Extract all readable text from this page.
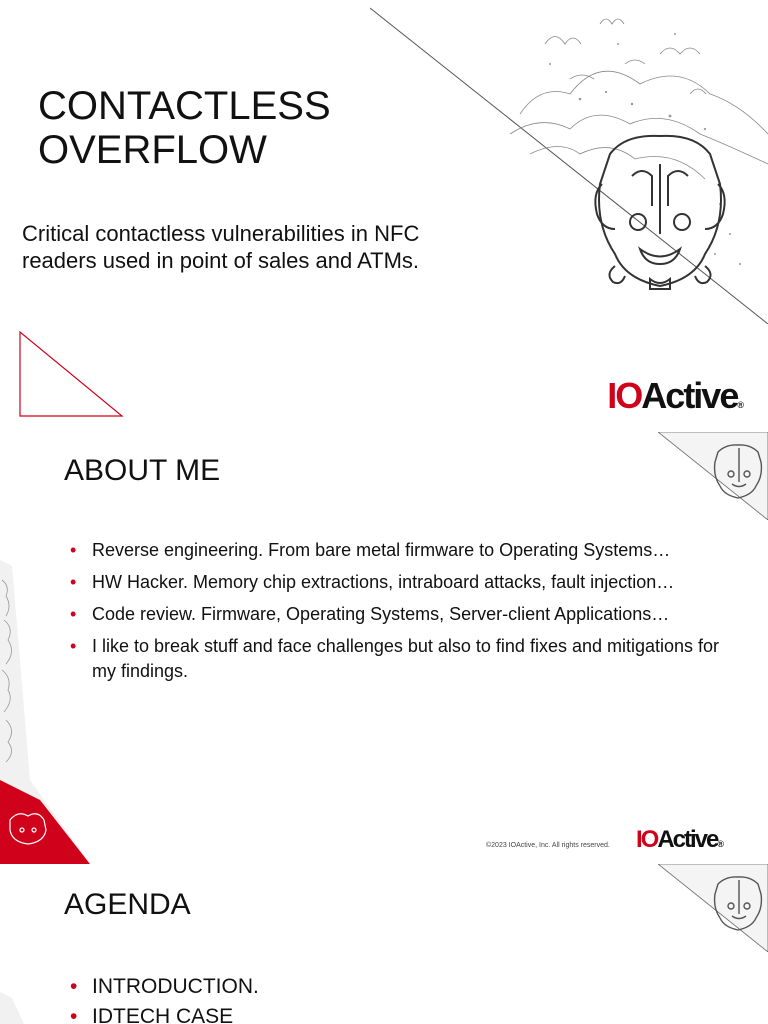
CONTACTLESS
OVERFLOW
Critical contactless vulnerabilities in NFC readers used in point of sales and ATMs.
IOActive®
ABOUT ME
• Reverse engineering. From bare metal firmware to Operating Systems…
• HW Hacker. Memory chip extractions, intraboard attacks, fault injection…
• Code review. Firmware, Operating Systems, Server-client Applications…
• I like to break stuff and face challenges but also to find fixes and mitigations for my findings.
©2023 IOActive, Inc. All rights reserved. IOActive®
AGENDA
• INTRODUCTION.
• IDTECH CASE
